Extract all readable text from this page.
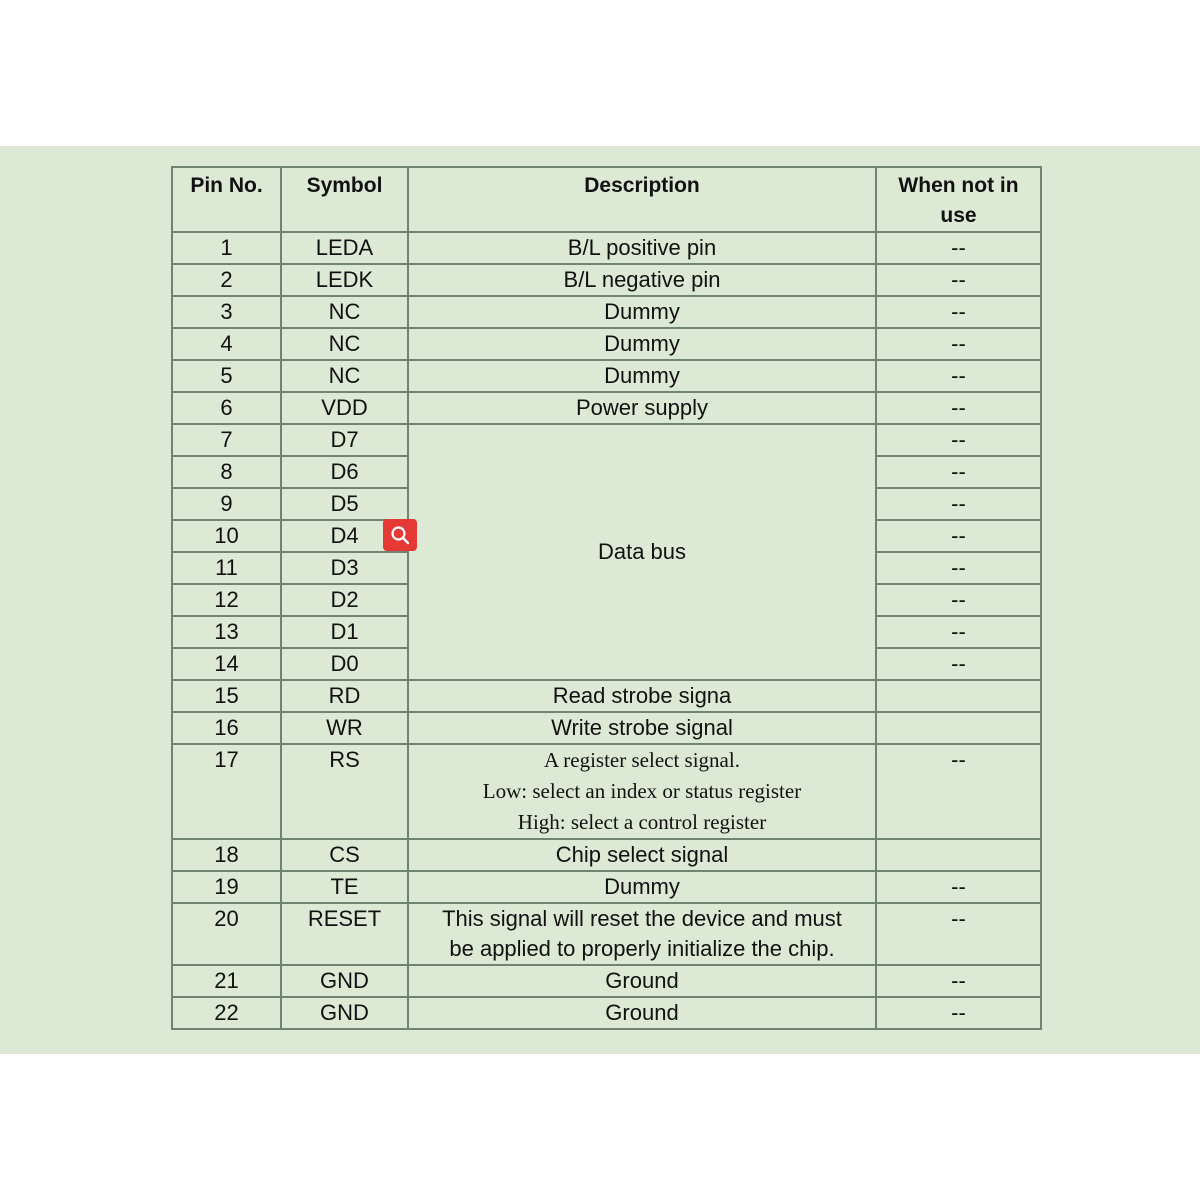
Pin No.	Symbol	Description	When not in use
1	LEDA	B/L positive pin	--
2	LEDK	B/L negative pin	--
3	NC	Dummy	--
4	NC	Dummy	--
5	NC	Dummy	--
6	VDD	Power supply	--
7	D7	Data bus	--
8	D6		--
9	D5		--
10	D4		--
11	D3		--
12	D2		--
13	D1		--
14	D0		--
15	RD	Read strobe signa	
16	WR	Write strobe signal	
17	RS	A register select signal.
Low: select an index or status register
High: select a control register	--
18	CS	Chip select signal	
19	TE	Dummy	--
20	RESET	This signal will reset the device and must
be applied to properly initialize the chip.	--
21	GND	Ground	--
22	GND	Ground	--
